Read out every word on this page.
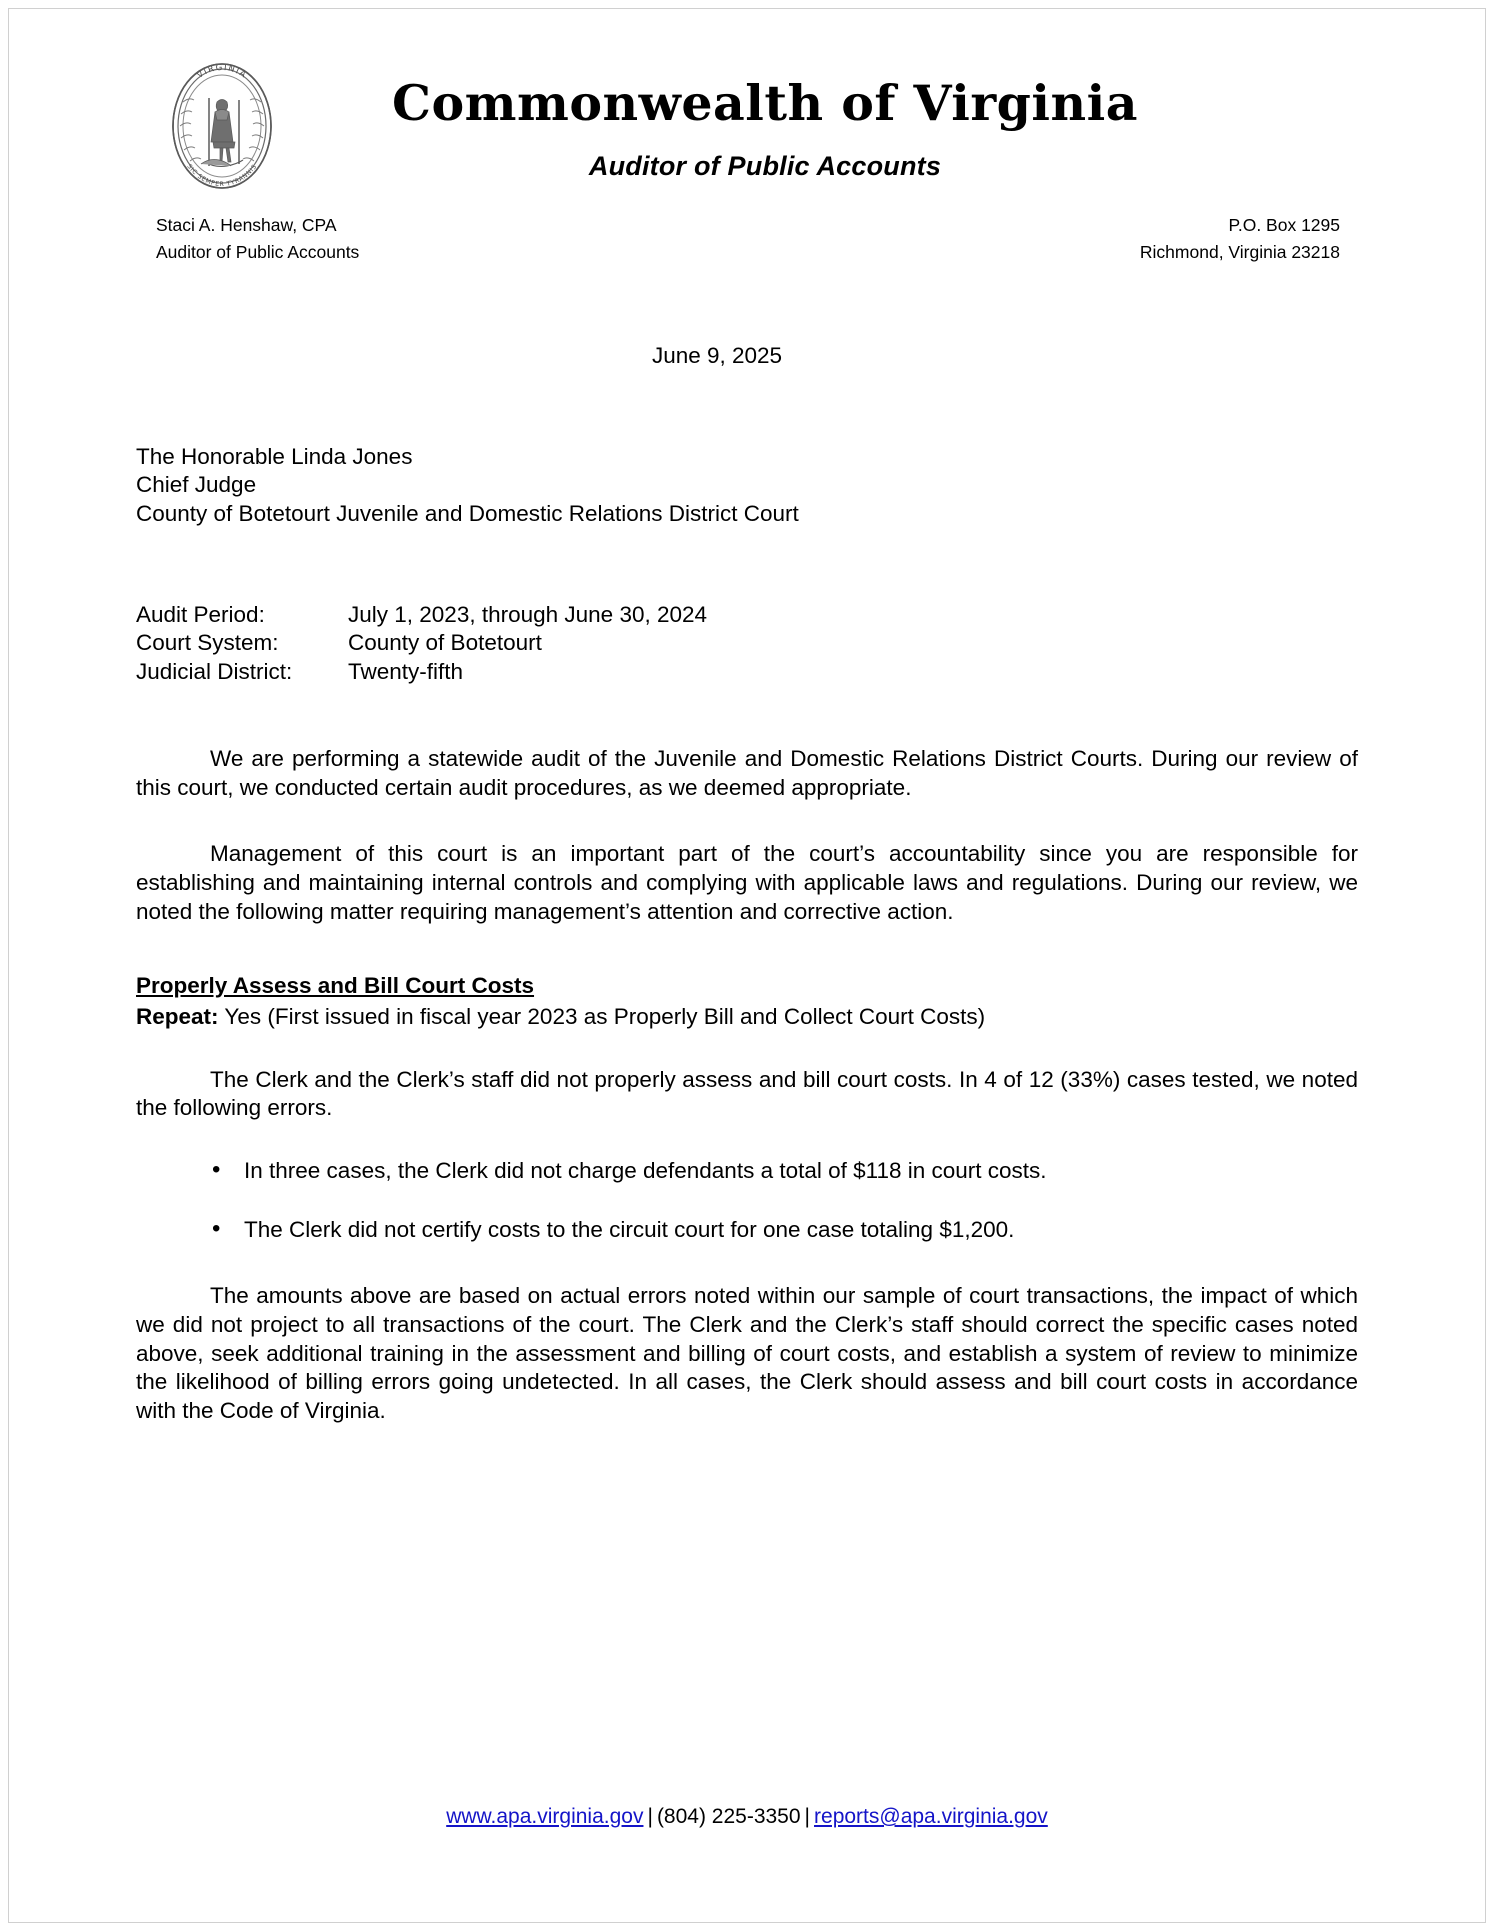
VIRGINIA
SIC SEMPER TYRANNIS
Commonwealth of Virginia
Auditor of Public Accounts
Staci A. Henshaw, CPA
Auditor of Public Accounts
P.O. Box 1295
Richmond, Virginia 23218
June 9, 2025
The Honorable Linda Jones
Chief Judge
County of Botetourt Juvenile and Domestic Relations District Court
Audit Period:	July 1, 2023, through June 30, 2024
Court System:	County of Botetourt
Judicial District:	Twenty-fifth

We are performing a statewide audit of the Juvenile and Domestic Relations District Courts. During our review of this court, we conducted certain audit procedures, as we deemed appropriate.

Management of this court is an important part of the court’s accountability since you are responsible for establishing and maintaining internal controls and complying with applicable laws and regulations. During our review, we noted the following matter requiring management’s attention and corrective action.

Properly Assess and Bill Court Costs
Repeat: Yes (First issued in fiscal year 2023 as Properly Bill and Collect Court Costs)

The Clerk and the Clerk’s staff did not properly assess and bill court costs. In 4 of 12 (33%) cases tested, we noted the following errors.

• In three cases, the Clerk did not charge defendants a total of $118 in court costs.
• The Clerk did not certify costs to the circuit court for one case totaling $1,200.

The amounts above are based on actual errors noted within our sample of court transactions, the impact of which we did not project to all transactions of the court. The Clerk and the Clerk’s staff should correct the specific cases noted above, seek additional training in the assessment and billing of court costs, and establish a system of review to minimize the likelihood of billing errors going undetected. In all cases, the Clerk should assess and bill court costs in accordance with the Code of Virginia.

www.apa.virginia.gov | (804) 225-3350 | reports@apa.virginia.gov
